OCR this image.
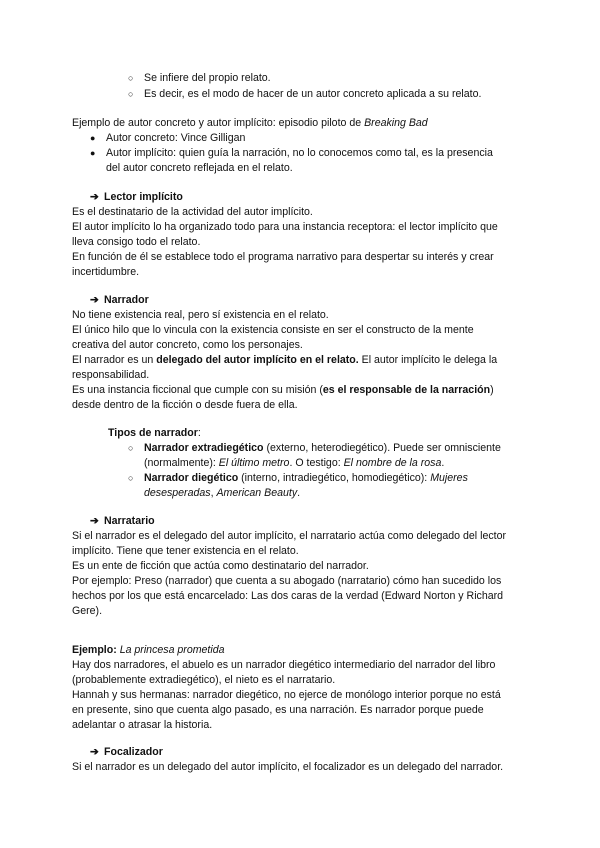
○ Se infiere del propio relato.
○ Es decir, es el modo de hacer de un autor concreto aplicada a su relato.
Ejemplo de autor concreto y autor implícito: episodio piloto de Breaking Bad
● Autor concreto: Vince Gilligan
● Autor implícito: quien guía la narración, no lo conocemos como tal, es la presencia
del autor concreto reflejada en el relato.
➔ Lector implícito
Es el destinatario de la actividad del autor implícito.
El autor implícito lo ha organizado todo para una instancia receptora: el lector implícito que
lleva consigo todo el relato.
En función de él se establece todo el programa narrativo para despertar su interés y crear
incertidumbre.
➔ Narrador
No tiene existencia real, pero sí existencia en el relato.
El único hilo que lo vincula con la existencia consiste en ser el constructo de la mente
creativa del autor concreto, como los personajes.
El narrador es un delegado del autor implícito en el relato. El autor implícito le delega la
responsabilidad.
Es una instancia ficcional que cumple con su misión (es el responsable de la narración)
desde dentro de la ficción o desde fuera de ella.
Tipos de narrador:
○ Narrador extradiegético (externo, heterodiegético). Puede ser omnisciente
(normalmente): El último metro. O testigo: El nombre de la rosa.
○ Narrador diegético (interno, intradiegético, homodiegético): Mujeres
desesperadas, American Beauty.
➔ Narratario
Si el narrador es el delegado del autor implícito, el narratario actúa como delegado del lector
implícito. Tiene que tener existencia en el relato.
Es un ente de ficción que actúa como destinatario del narrador.
Por ejemplo: Preso (narrador) que cuenta a su abogado (narratario) cómo han sucedido los
hechos por los que está encarcelado: Las dos caras de la verdad (Edward Norton y Richard
Gere).
Ejemplo: La princesa prometida
Hay dos narradores, el abuelo es un narrador diegético intermediario del narrador del libro
(probablemente extradiegético), el nieto es el narratario.
Hannah y sus hermanas: narrador diegético, no ejerce de monólogo interior porque no está
en presente, sino que cuenta algo pasado, es una narración. Es narrador porque puede
adelantar o atrasar la historia.
➔ Focalizador
Si el narrador es un delegado del autor implícito, el focalizador es un delegado del narrador.
